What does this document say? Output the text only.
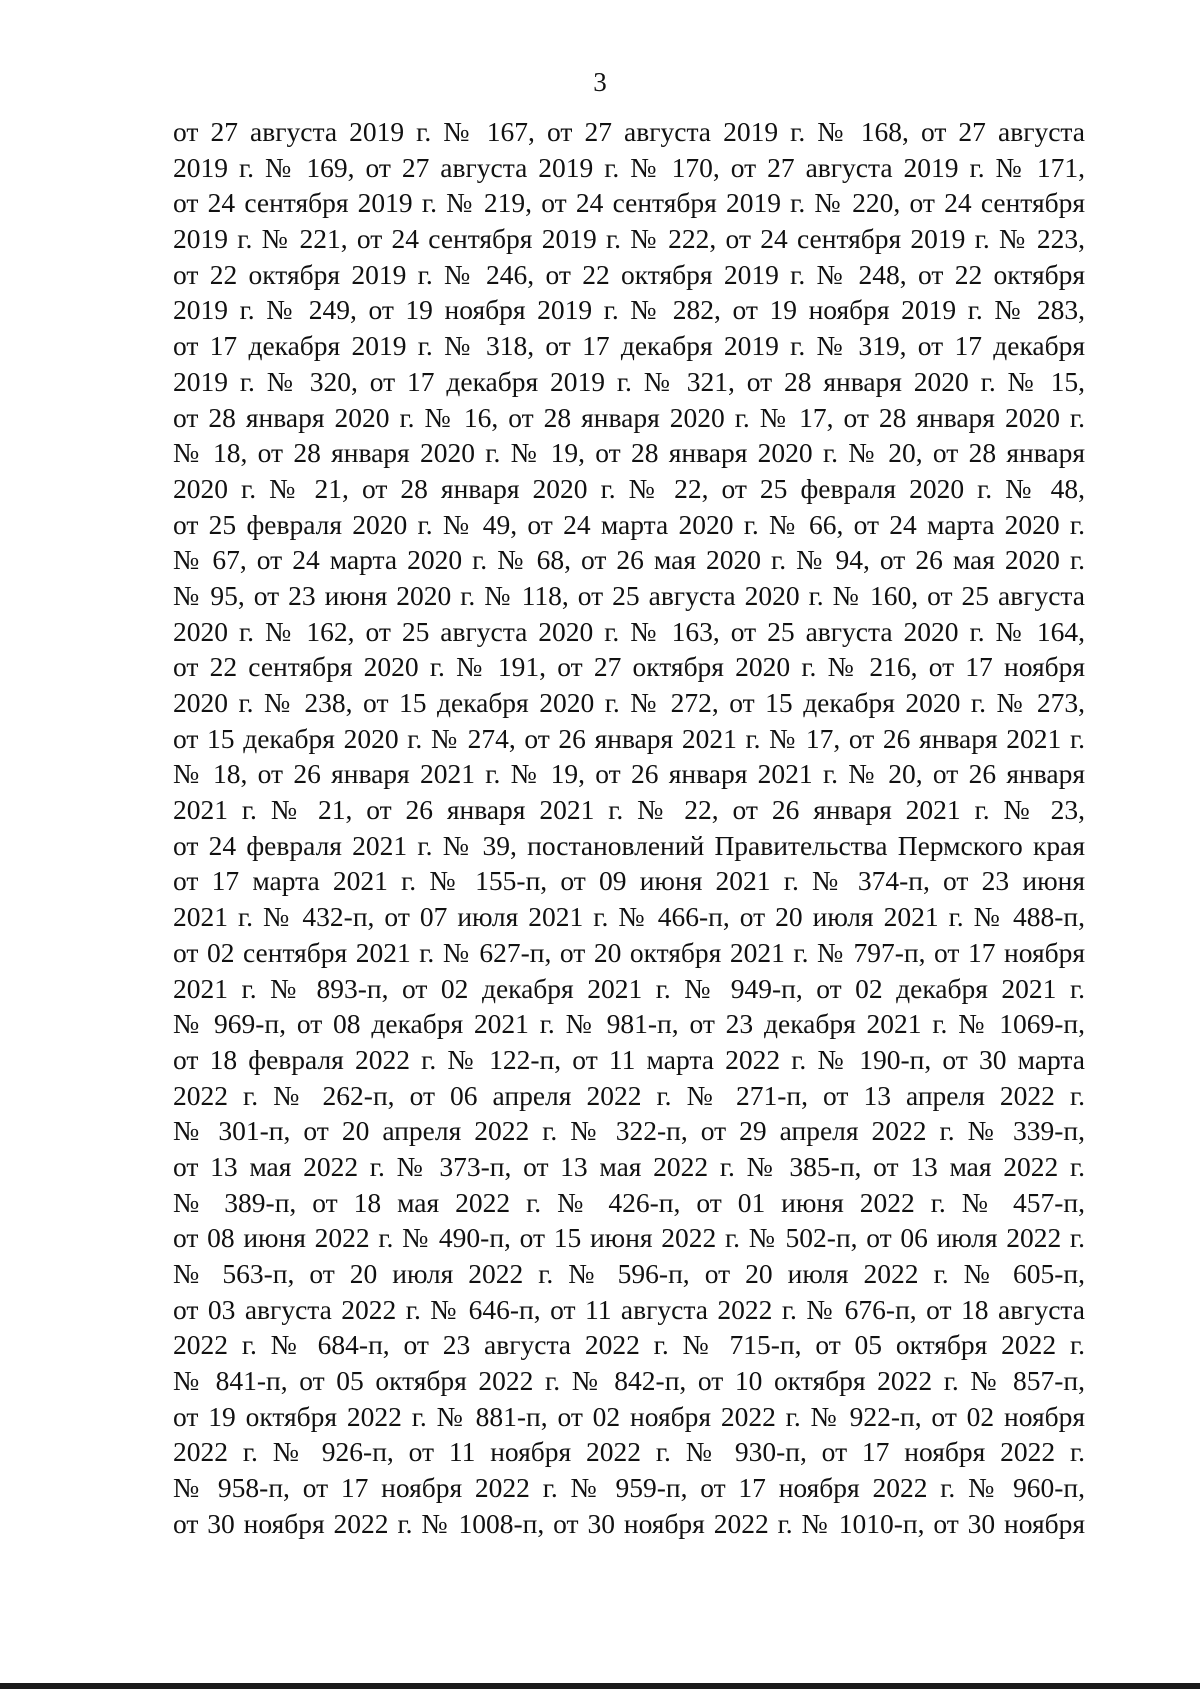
3
от 27 августа 2019 г. № 167, от 27 августа 2019 г. № 168, от 27 августа
2019 г. № 169, от 27 августа 2019 г. № 170, от 27 августа 2019 г. № 171,
от 24 сентября 2019 г. № 219, от 24 сентября 2019 г. № 220, от 24 сентября
2019 г. № 221, от 24 сентября 2019 г. № 222, от 24 сентября 2019 г. № 223,
от 22 октября 2019 г. № 246, от 22 октября 2019 г. № 248, от 22 октября
2019 г. № 249, от 19 ноября 2019 г. № 282, от 19 ноября 2019 г. № 283,
от 17 декабря 2019 г. № 318, от 17 декабря 2019 г. № 319, от 17 декабря
2019 г. № 320, от 17 декабря 2019 г. № 321, от 28 января 2020 г. № 15,
от 28 января 2020 г. № 16, от 28 января 2020 г. № 17, от 28 января 2020 г.
№ 18, от 28 января 2020 г. № 19, от 28 января 2020 г. № 20, от 28 января
2020 г. № 21, от 28 января 2020 г. № 22, от 25 февраля 2020 г. № 48,
от 25 февраля 2020 г. № 49, от 24 марта 2020 г. № 66, от 24 марта 2020 г.
№ 67, от 24 марта 2020 г. № 68, от 26 мая 2020 г. № 94, от 26 мая 2020 г.
№ 95, от 23 июня 2020 г. № 118, от 25 августа 2020 г. № 160, от 25 августа
2020 г. № 162, от 25 августа 2020 г. № 163, от 25 августа 2020 г. № 164,
от 22 сентября 2020 г. № 191, от 27 октября 2020 г. № 216, от 17 ноября
2020 г. № 238, от 15 декабря 2020 г. № 272, от 15 декабря 2020 г. № 273,
от 15 декабря 2020 г. № 274, от 26 января 2021 г. № 17, от 26 января 2021 г.
№ 18, от 26 января 2021 г. № 19, от 26 января 2021 г. № 20, от 26 января
2021 г. № 21, от 26 января 2021 г. № 22, от 26 января 2021 г. № 23,
от 24 февраля 2021 г. № 39, постановлений Правительства Пермского края
от 17 марта 2021 г. № 155-п, от 09 июня 2021 г. № 374-п, от 23 июня
2021 г. № 432-п, от 07 июля 2021 г. № 466-п, от 20 июля 2021 г. № 488-п,
от 02 сентября 2021 г. № 627-п, от 20 октября 2021 г. № 797-п, от 17 ноября
2021 г. № 893-п, от 02 декабря 2021 г. № 949-п, от 02 декабря 2021 г.
№ 969-п, от 08 декабря 2021 г. № 981-п, от 23 декабря 2021 г. № 1069-п,
от 18 февраля 2022 г. № 122-п, от 11 марта 2022 г. № 190-п, от 30 марта
2022 г. № 262-п, от 06 апреля 2022 г. № 271-п, от 13 апреля 2022 г.
№ 301-п, от 20 апреля 2022 г. № 322-п, от 29 апреля 2022 г. № 339-п,
от 13 мая 2022 г. № 373-п, от 13 мая 2022 г. № 385-п, от 13 мая 2022 г.
№ 389-п, от 18 мая 2022 г. № 426-п, от 01 июня 2022 г. № 457-п,
от 08 июня 2022 г. № 490-п, от 15 июня 2022 г. № 502-п, от 06 июля 2022 г.
№ 563-п, от 20 июля 2022 г. № 596-п, от 20 июля 2022 г. № 605-п,
от 03 августа 2022 г. № 646-п, от 11 августа 2022 г. № 676-п, от 18 августа
2022 г. № 684-п, от 23 августа 2022 г. № 715-п, от 05 октября 2022 г.
№ 841-п, от 05 октября 2022 г. № 842-п, от 10 октября 2022 г. № 857-п,
от 19 октября 2022 г. № 881-п, от 02 ноября 2022 г. № 922-п, от 02 ноября
2022 г. № 926-п, от 11 ноября 2022 г. № 930-п, от 17 ноября 2022 г.
№ 958-п, от 17 ноября 2022 г. № 959-п, от 17 ноября 2022 г. № 960-п,
от 30 ноября 2022 г. № 1008-п, от 30 ноября 2022 г. № 1010-п, от 30 ноября
